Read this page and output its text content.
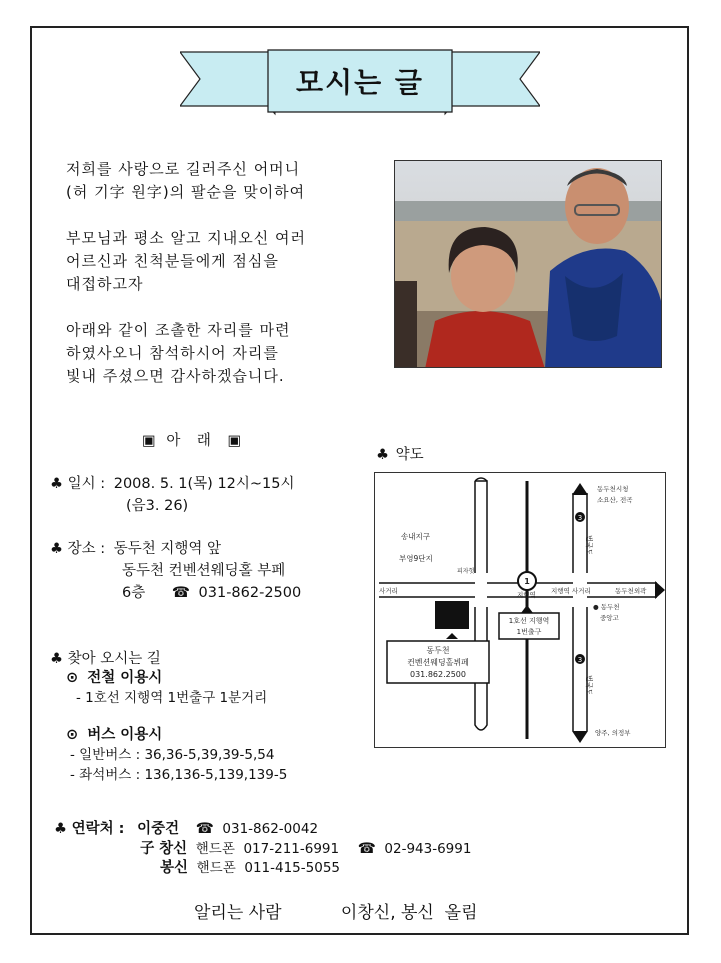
모시는 글

저희를 사랑으로 길러주신 어머니

(허 기字 원字)의 팔순을 맞이하여

부모님과 평소 알고 지내오신 여러

어르신과 친척분들에게 점심을

대접하고자

아래와 같이 조촐한 자리를 마련

하였사오니 참석하시어 자리를

빛내 주셨으면 감사하겠습니다.

▣ 아 래 ▣
♣ 일시 : 2008. 5. 1(목) 12시~15시
(음3. 26)
♣ 장소 : 동두천 지행역 앞
동두천 컨벤션웨딩홀 부페
6층 ☎ 031-862-2500
♣ 찾아 오시는 길
⊙ 전철 이용시
- 1호선 지행역 1번출구 1분거리
⊙ 버스 이용시
- 일반버스 : 36,36-5,39,39-5,54
- 좌석버스 : 136,136-5,139,139-5
♣ 연락처 : 이중건 ☎ 031-862-0042
子 창신 핸드폰 017-211-6991 ☎ 02-943-6991
봉신 핸드폰 011-415-5055
알리는 사람	이창신, 봉신  올림
♣ 약도
3
3
송내지구
부영9단지
피자헛
사거리
1
지행역 지행역 사거리	동두천외곽
동두천시청
소요산, 전곡
● 동두천
중앙고
1호선 지행역
1번출구
동두천
컨벤션웨딩홀뷔페
031.862.2500
양주, 의정부
번국도
번국도
